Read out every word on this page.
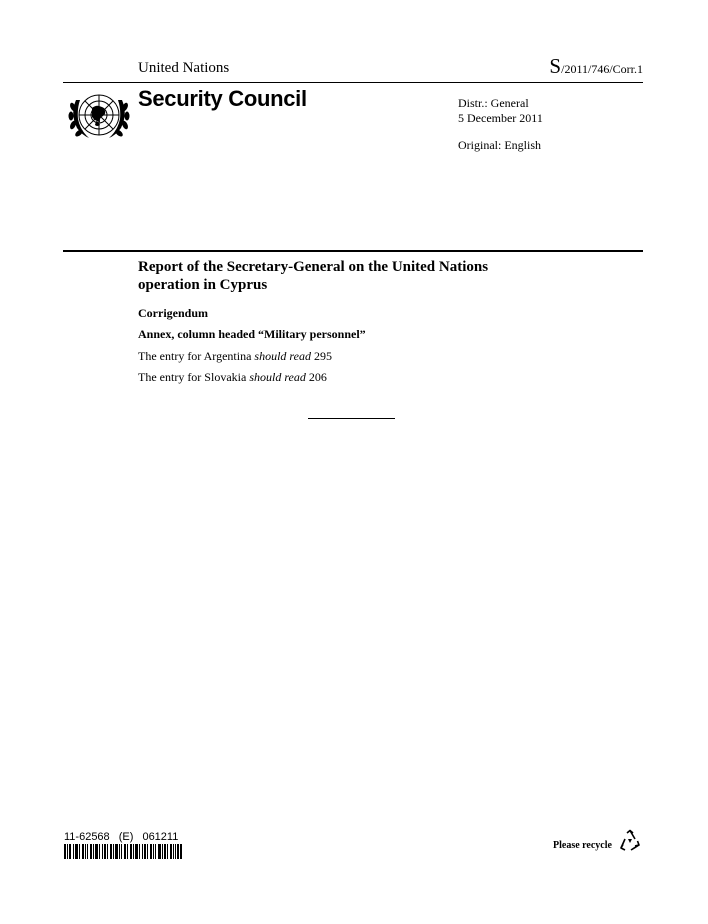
United Nations	S/2011/746/Corr.1
Security Council	Distr.: General
5 December 2011
Original: English
Report of the Secretary-General on the United Nations
operation in Cyprus
Corrigendum
Annex, column headed “Military personnel”
The entry for Argentina should read 295
The entry for Slovakia should read 206
11-62568 (E) 061211
Please recycle
